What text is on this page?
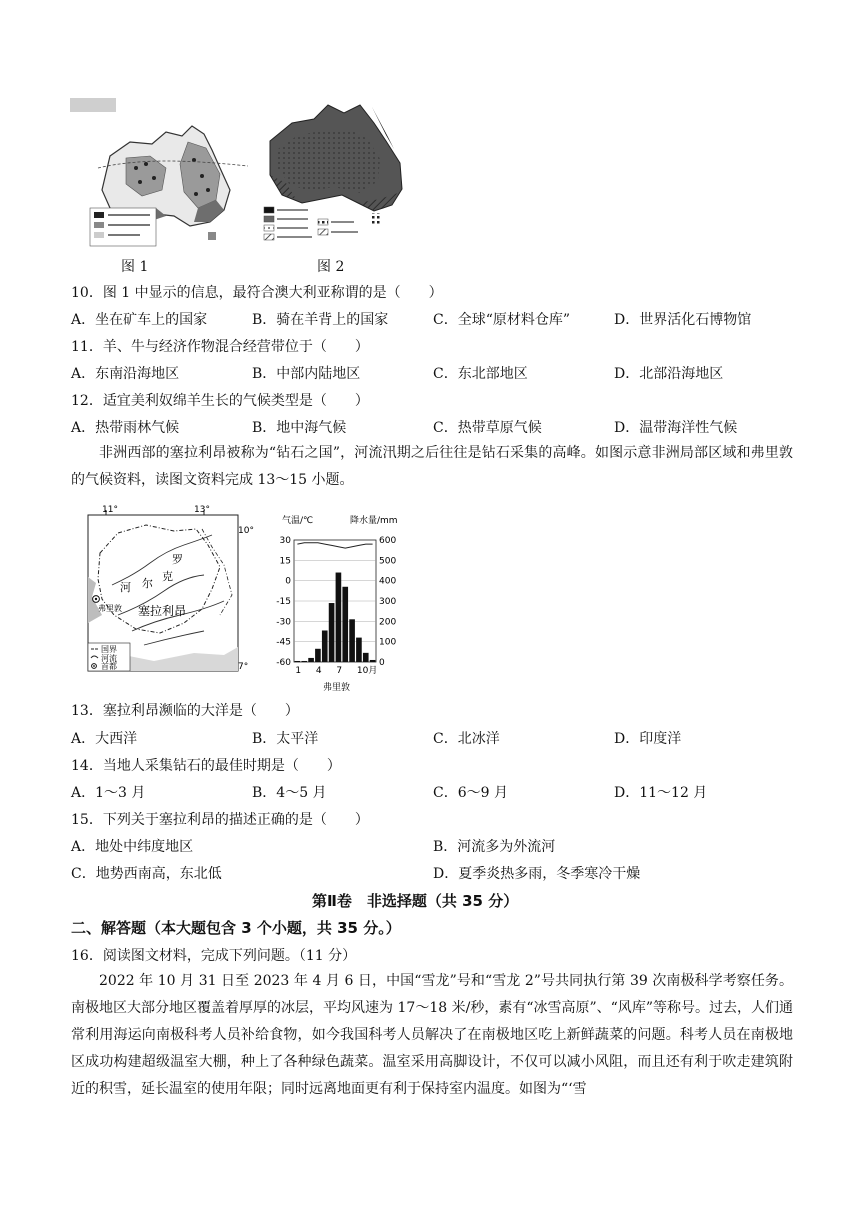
图 1	图 2
10．图 1 中显示的信息，最符合澳大利亚称谓的是（　　）
A．坐在矿车上的国家	B．骑在羊背上的国家	C．全球“原材料仓库”	D．世界活化石博物馆
11．羊、牛与经济作物混合经营带位于（　　）
A．东南沿海地区	B．中部内陆地区	C．东北部地区	D．北部沿海地区
12．适宜美利奴绵羊生长的气候类型是（　　）
A．热带雨林气候	B．地中海气候	C．热带草原气候	D．温带海洋性气候
非洲西部的塞拉利昂被称为“钻石之国”，河流汛期之后往往是钻石采集的高峰。如图示意非洲局部区域和弗里敦的气候资料，读图文资料完成 13～15 小题。
11°	13°
10°
7°
罗
克
尔
河
弗里敦 塞拉利昂
国界
河流
首都
气温/℃	降水量/mm
30
15
0
-15
-30
-45
-60
600
500
400
300
200
100
0
1 4 7 10月
弗里敦
13．塞拉利昂濒临的大洋是（　　）
A．大西洋	B．太平洋	C．北冰洋	D．印度洋
14．当地人采集钻石的最佳时期是（　　）
A．1～3 月	B．4～5 月	C．6～9 月	D．11～12 月
15．下列关于塞拉利昂的描述正确的是（　　）
A．地处中纬度地区	B．河流多为外流河
C．地势西南高，东北低	D．夏季炎热多雨，冬季寒冷干燥
第Ⅱ卷　非选择题（共 35 分）
二、解答题（本大题包含 3 个小题，共 35 分。）
16．阅读图文材料，完成下列问题。（11 分）
2022 年 10 月 31 日至 2023 年 4 月 6 日，中国“雪龙”号和“雪龙 2”号共同执行第 39 次南极科学考察任务。南极地区大部分地区覆盖着厚厚的冰层，平均风速为 17～18 米/秒，素有“冰雪高原”、“风库”等称号。过去，人们通常利用海运向南极科考人员补给食物，如今我国科考人员解决了在南极地区吃上新鲜蔬菜的问题。科考人员在南极地区成功构建超级温室大棚，种上了各种绿色蔬菜。温室采用高脚设计，不仅可以减小风阻，而且还有利于吹走建筑附近的积雪，延长温室的使用年限；同时远离地面更有利于保持室内温度。如图为“‘雪
